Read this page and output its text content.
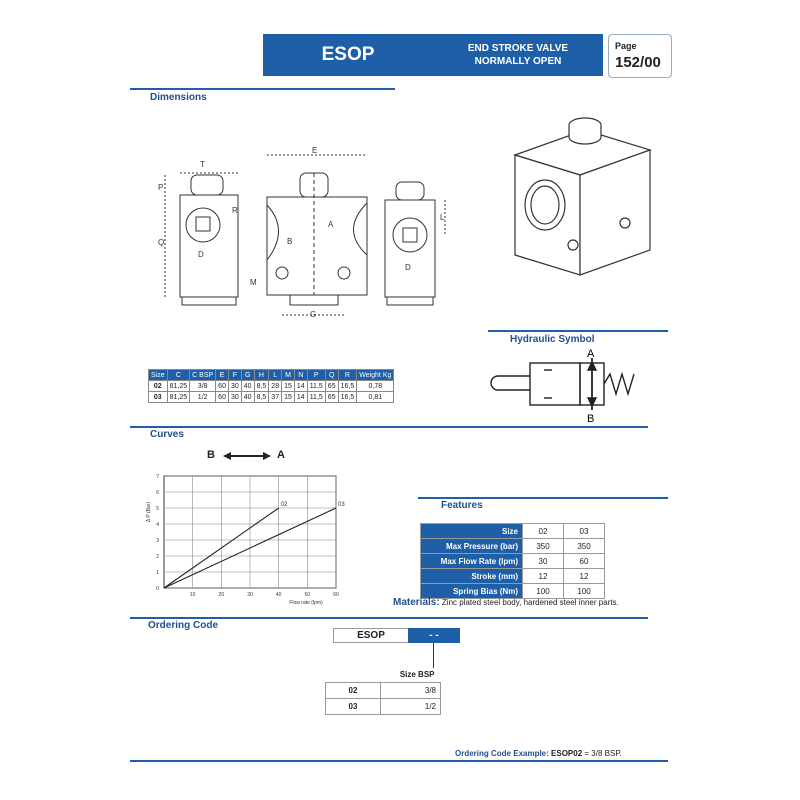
ESOP	END STROKE VALVE
NORMALLY OPEN
Page
152/00
Dimensions
T
P
R
Q
D
E
A
B
M
G
L
D
Size	C	C BSP	E	F	G	H	L	M	N	P	Q	R	Weight Kg
02	81,25	3/8	60	30	40	8,5	28	15	14	11,5	65	16,5	0,78
03	81,25	1/2	60	30	40	8,5	37	15	14	11,5	65	16,5	0,81
Hydraulic Symbol
A
B
Curves
B	A
0
1
2
3
4
5
6
7
10	20	30	40	50	60
02	03
Flow rate (lpm)
Δ P (Bar)	Features
Size	02	03
Max Pressure (bar)	350	350
Max Flow Rate (lpm)	30	60
Stroke (mm)	12	12
Spring Bias (Nm)	100	100
Materials: Zinc plated steel body, hardened steel inner parts.
Ordering Code
ESOP	- -
Size BSP	
02	3/8
03	1/2
Ordering Code Example: ESOP02 = 3/8 BSP.
